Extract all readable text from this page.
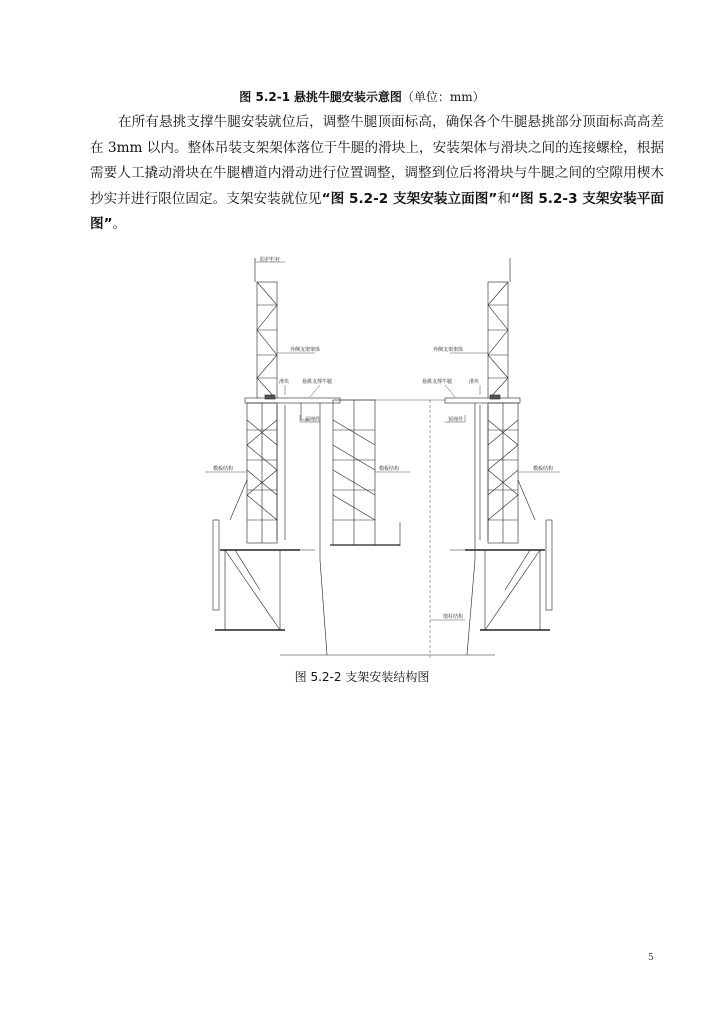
图 5.2-1 悬挑牛腿安装示意图（单位：mm）
在所有悬挑支撑牛腿安装就位后，调整牛腿顶面标高，确保各个牛腿悬挑部分顶面标高高差在 3mm 以内。整体吊装支架架体落位于牛腿的滑块上，安装架体与滑块之间的连接螺栓，根据需要人工撬动滑块在牛腿槽道内滑动进行位置调整，调整到位后将滑块与牛腿之间的空隙用楔木抄实并进行限位固定。支架安装就位见“图 5.2-2 支架安装立面图”和“图 5.2-3 支架安装平面图”。
防护栏杆
外侧支架架体	外侧支架架体
滑块	悬挑支撑牛腿	悬挑支撑牛腿	滑块
预埋件	预埋件
模板结构	模板结构	模板结构
墩柱结构
图 5.2-2 支架安装结构图
5
